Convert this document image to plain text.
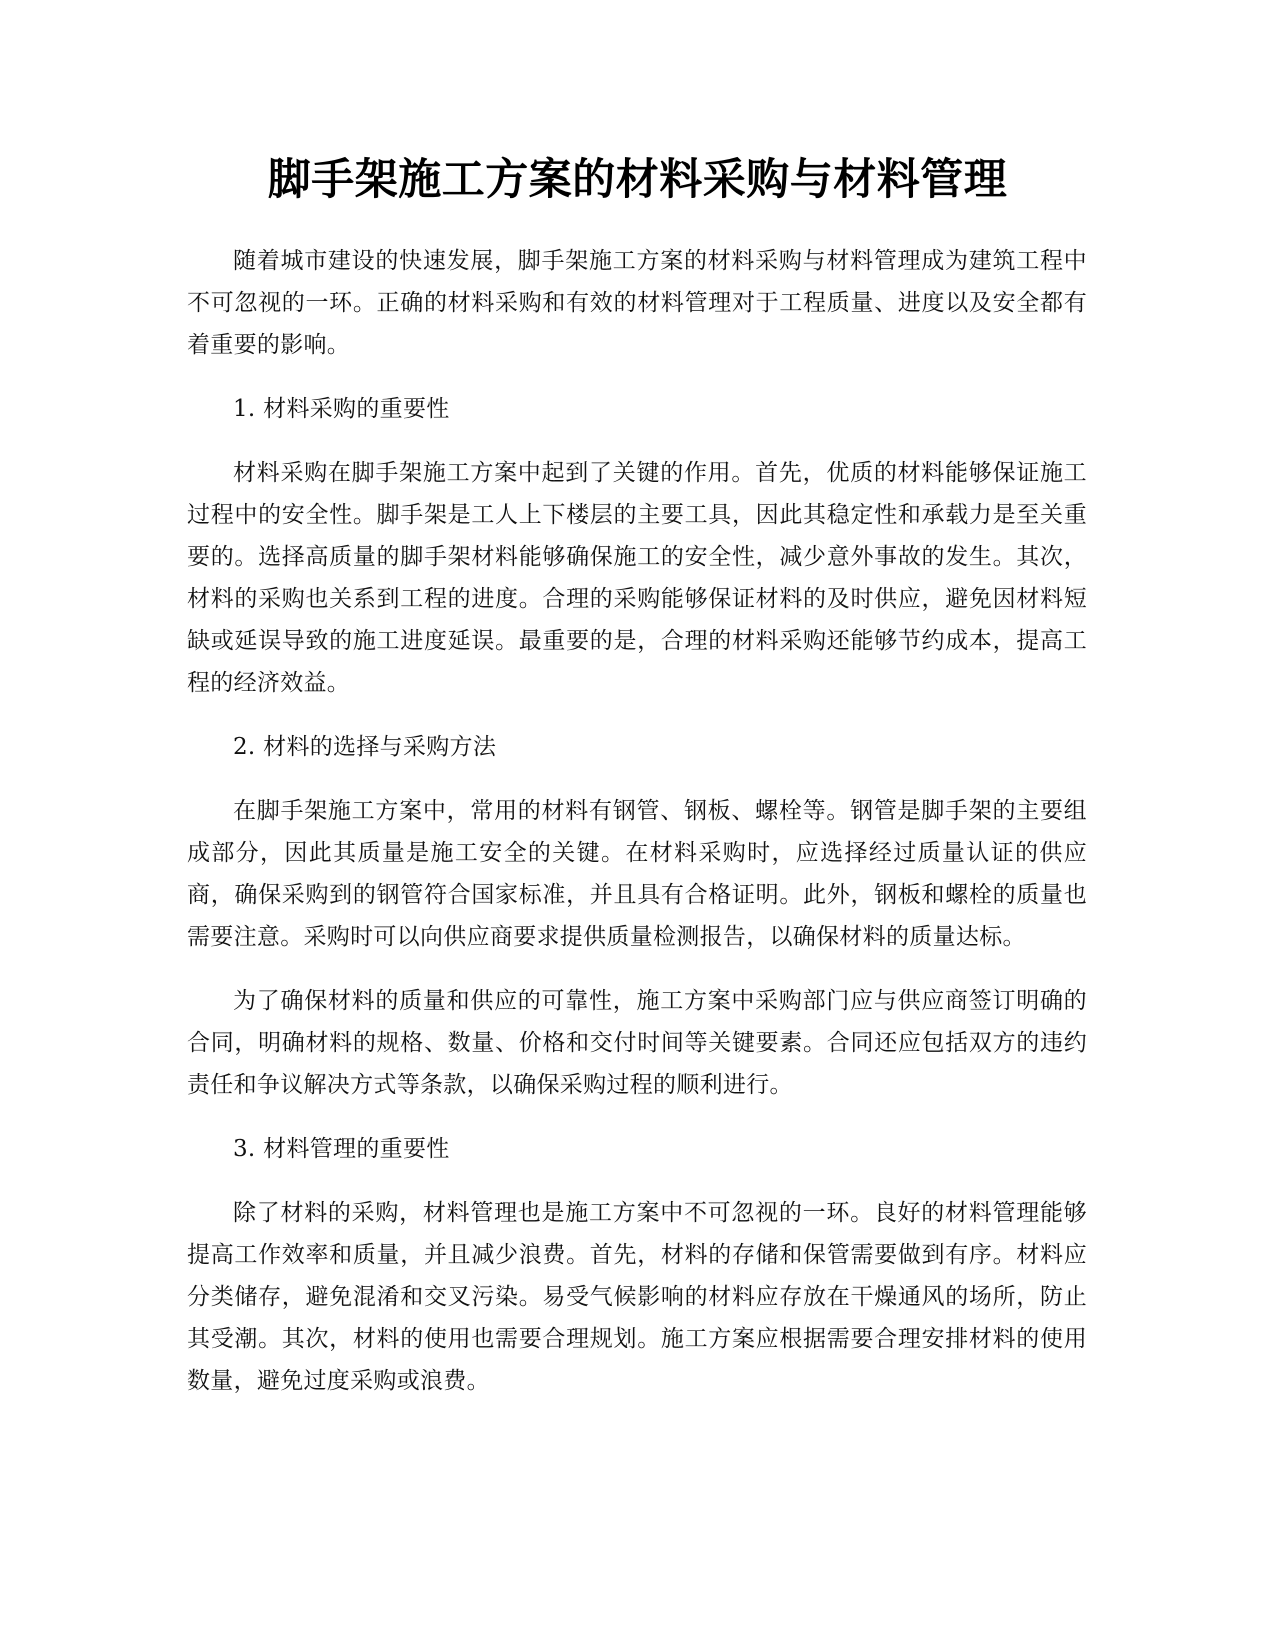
脚手架施工方案的材料采购与材料管理

随着城市建设的快速发展，脚手架施工方案的材料采购与材料管理成为建筑工程中不可忽视的一环。正确的材料采购和有效的材料管理对于工程质量、进度以及安全都有着重要的影响。

1. 材料采购的重要性

材料采购在脚手架施工方案中起到了关键的作用。首先，优质的材料能够保证施工过程中的安全性。脚手架是工人上下楼层的主要工具，因此其稳定性和承载力是至关重要的。选择高质量的脚手架材料能够确保施工的安全性，减少意外事故的发生。其次，材料的采购也关系到工程的进度。合理的采购能够保证材料的及时供应，避免因材料短缺或延误导致的施工进度延误。最重要的是，合理的材料采购还能够节约成本，提高工程的经济效益。

2. 材料的选择与采购方法

在脚手架施工方案中，常用的材料有钢管、钢板、螺栓等。钢管是脚手架的主要组成部分，因此其质量是施工安全的关键。在材料采购时，应选择经过质量认证的供应商，确保采购到的钢管符合国家标准，并且具有合格证明。此外，钢板和螺栓的质量也需要注意。采购时可以向供应商要求提供质量检测报告，以确保材料的质量达标。

为了确保材料的质量和供应的可靠性，施工方案中采购部门应与供应商签订明确的合同，明确材料的规格、数量、价格和交付时间等关键要素。合同还应包括双方的违约责任和争议解决方式等条款，以确保采购过程的顺利进行。

3. 材料管理的重要性

除了材料的采购，材料管理也是施工方案中不可忽视的一环。良好的材料管理能够提高工作效率和质量，并且减少浪费。首先，材料的存储和保管需要做到有序。材料应分类储存，避免混淆和交叉污染。易受气候影响的材料应存放在干燥通风的场所，防止其受潮。其次，材料的使用也需要合理规划。施工方案应根据需要合理安排材料的使用数量，避免过度采购或浪费。
